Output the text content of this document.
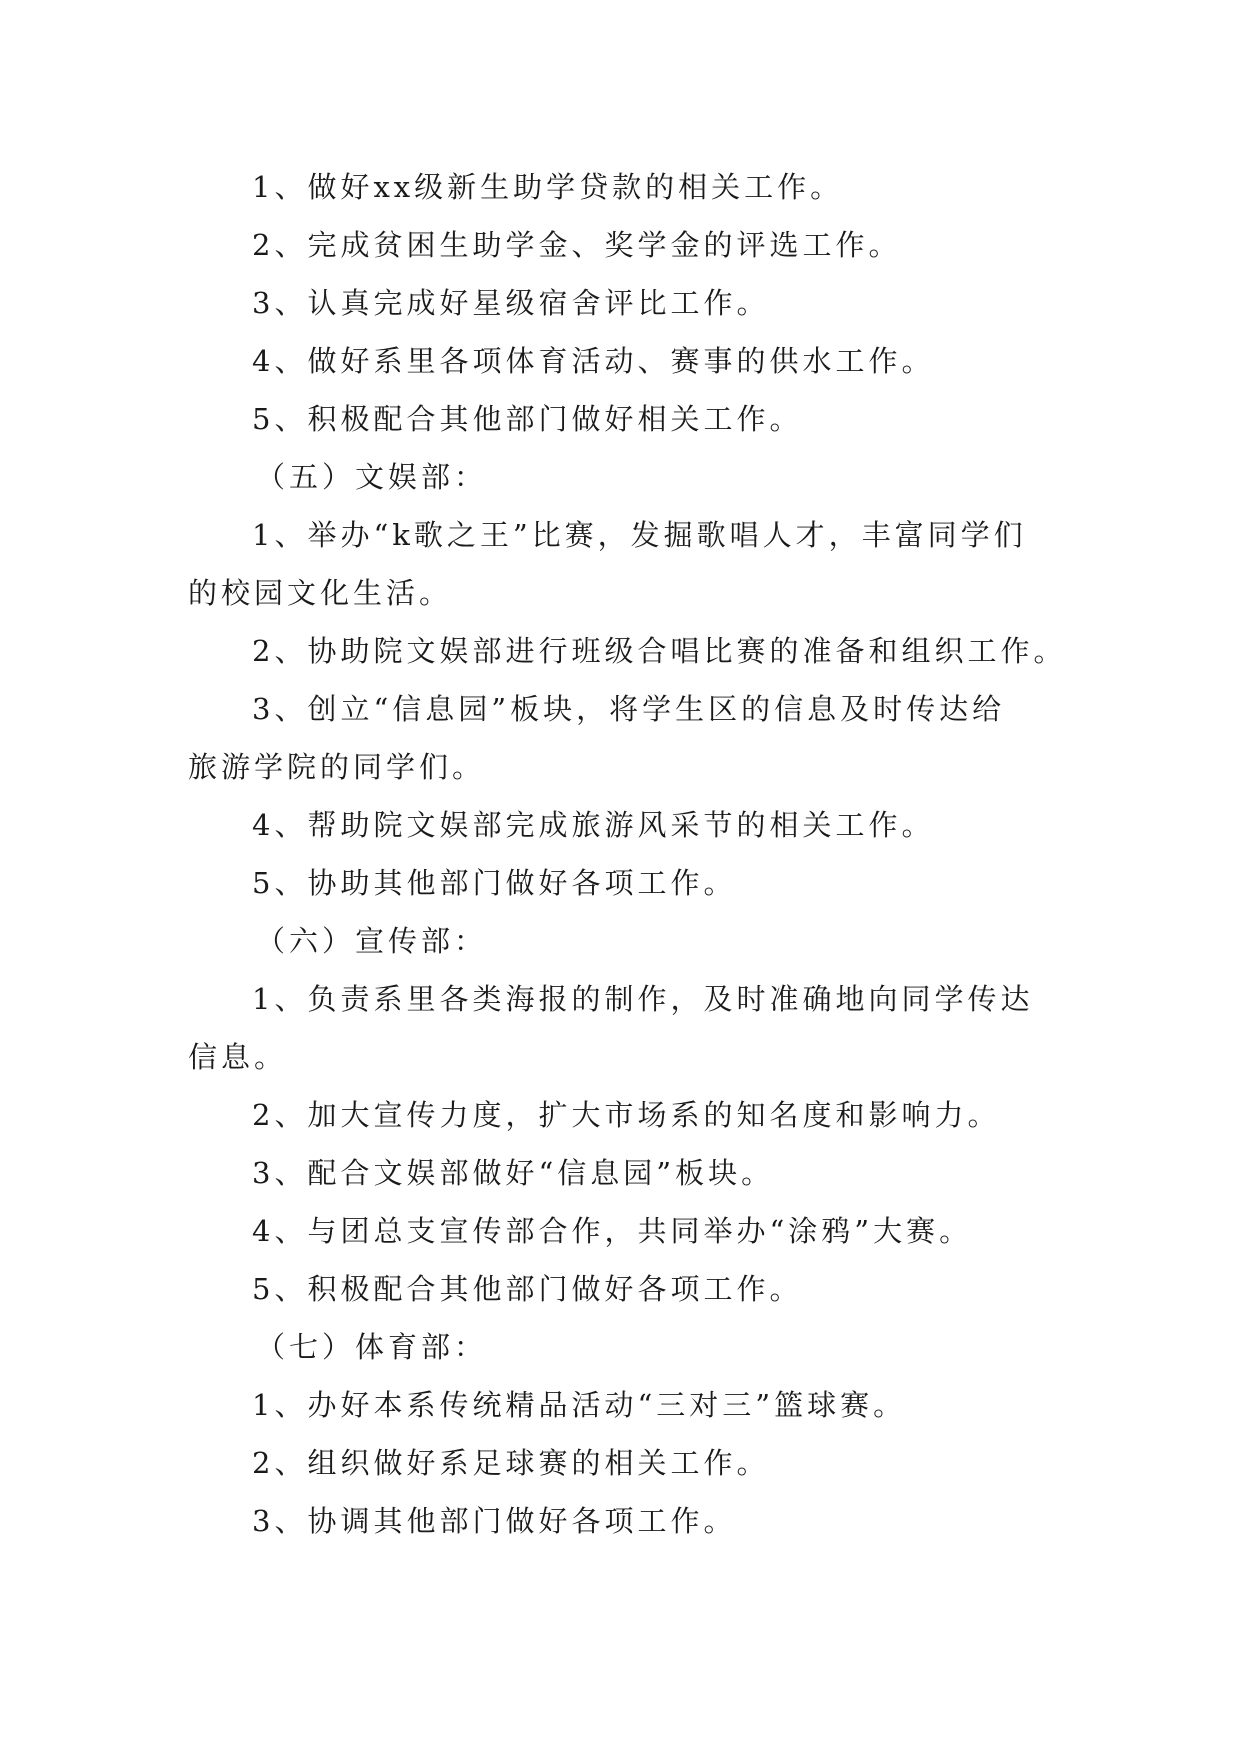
1、做好xx级新生助学贷款的相关工作。
2、完成贫困生助学金、奖学金的评选工作。
3、认真完成好星级宿舍评比工作。
4、做好系里各项体育活动、赛事的供水工作。
5、积极配合其他部门做好相关工作。
（五）文娱部：
1、举办“k歌之王”比赛，发掘歌唱人才，丰富同学们
的校园文化生活。
2、协助院文娱部进行班级合唱比赛的准备和组织工作。
3、创立“信息园”板块，将学生区的信息及时传达给
旅游学院的同学们。
4、帮助院文娱部完成旅游风采节的相关工作。
5、协助其他部门做好各项工作。
（六）宣传部：
1、负责系里各类海报的制作，及时准确地向同学传达
信息。
2、加大宣传力度，扩大市场系的知名度和影响力。
3、配合文娱部做好“信息园”板块。
4、与团总支宣传部合作，共同举办“涂鸦”大赛。
5、积极配合其他部门做好各项工作。
（七）体育部：
1、办好本系传统精品活动“三对三”篮球赛。
2、组织做好系足球赛的相关工作。
3、协调其他部门做好各项工作。
